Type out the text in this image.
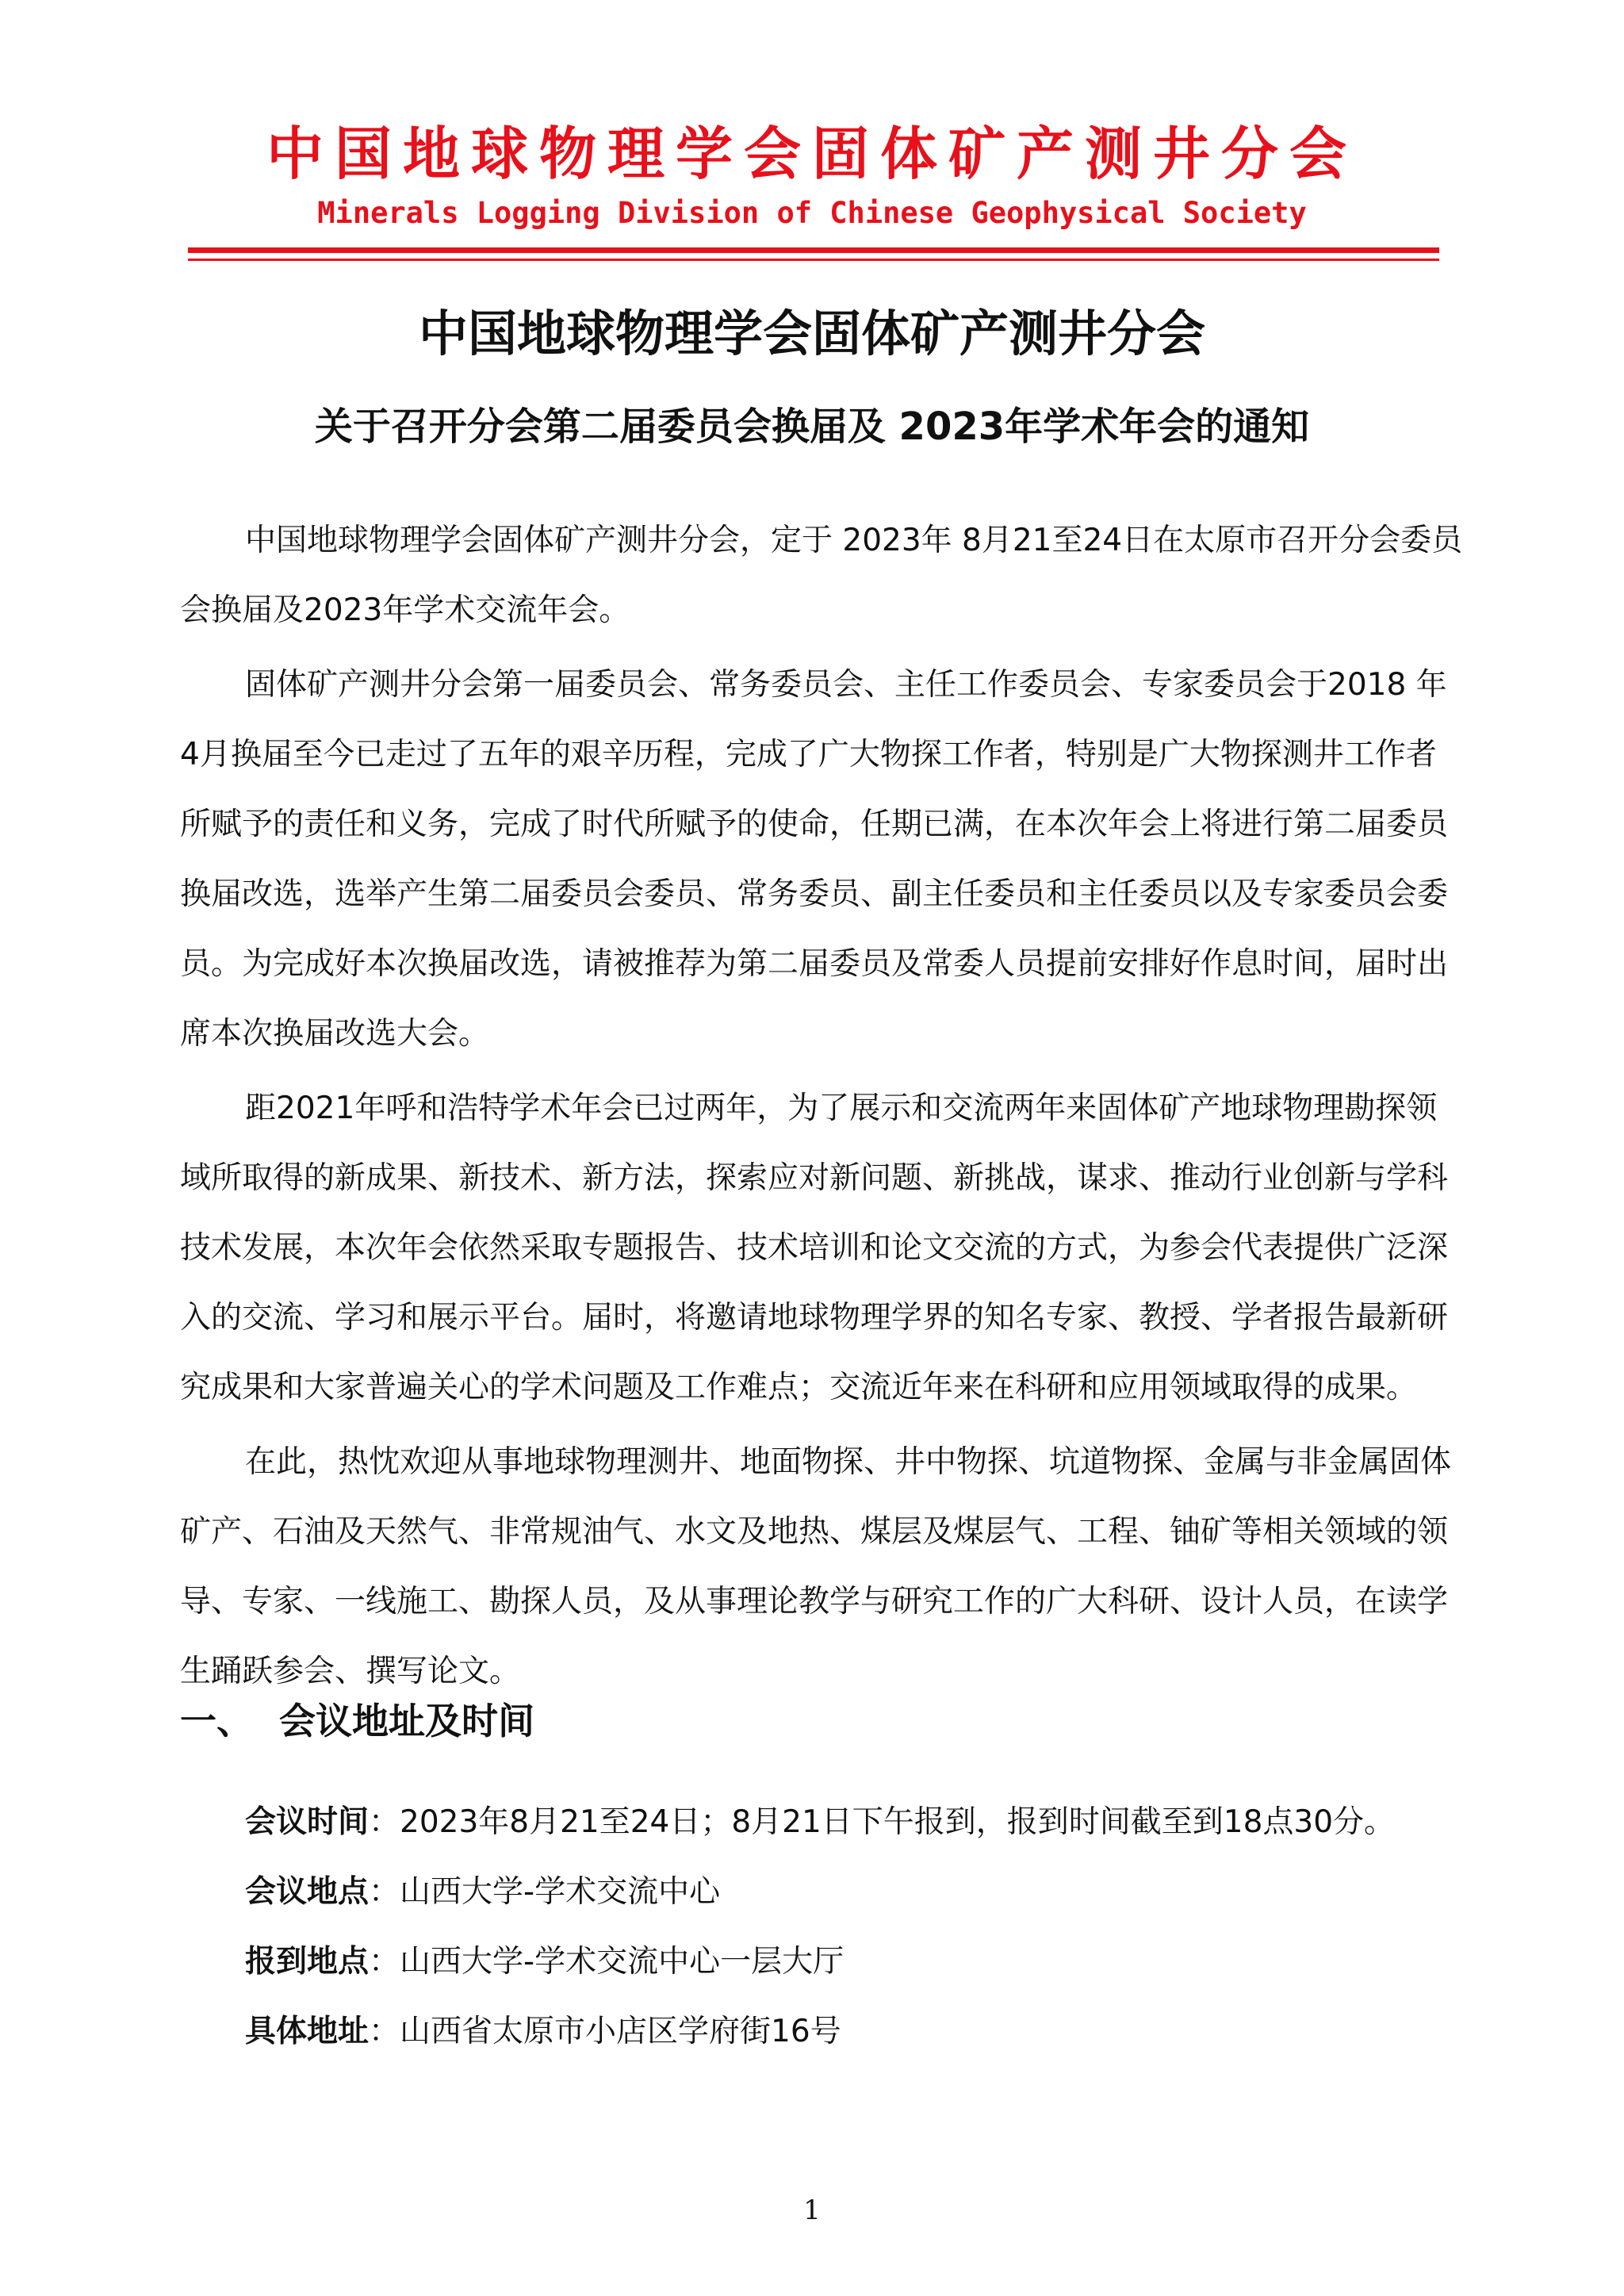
中国地球物理学会固体矿产测井分会
Minerals Logging Division of Chinese Geophysical Society
中国地球物理学会固体矿产测井分会
关于召开分会第二届委员会换届及 2023年学术年会的通知

中国地球物理学会固体矿产测井分会，定于 2023年 8月21至24日在太原市召开分会委员会换届及2023年学术交流年会。

固体矿产测井分会第一届委员会、常务委员会、主任工作委员会、专家委员会于2018 年4月换届至今已走过了五年的艰辛历程，完成了广大物探工作者，特别是广大物探测井工作者所赋予的责任和义务，完成了时代所赋予的使命，任期已满，在本次年会上将进行第二届委员换届改选，选举产生第二届委员会委员、常务委员、副主任委员和主任委员以及专家委员会委员。为完成好本次换届改选，请被推荐为第二届委员及常委人员提前安排好作息时间，届时出席本次换届改选大会。

距2021年呼和浩特学术年会已过两年，为了展示和交流两年来固体矿产地球物理勘探领域所取得的新成果、新技术、新方法，探索应对新问题、新挑战，谋求、推动行业创新与学科技术发展，本次年会依然采取专题报告、技术培训和论文交流的方式，为参会代表提供广泛深入的交流、学习和展示平台。届时，将邀请地球物理学界的知名专家、教授、学者报告最新研究成果和大家普遍关心的学术问题及工作难点；交流近年来在科研和应用领域取得的成果。

在此，热忱欢迎从事地球物理测井、地面物探、井中物探、坑道物探、金属与非金属固体矿产、石油及天然气、非常规油气、水文及地热、煤层及煤层气、工程、铀矿等相关领域的领导、专家、一线施工、勘探人员，及从事理论教学与研究工作的广大科研、设计人员，在读学生踊跃参会、撰写论文。

一、 会议地址及时间
会议时间：2023年8月21至24日；8月21日下午报到，报到时间截至到18点30分。
会议地点：山西大学-学术交流中心
报到地点：山西大学-学术交流中心一层大厅
具体地址：山西省太原市小店区学府街16号
1
